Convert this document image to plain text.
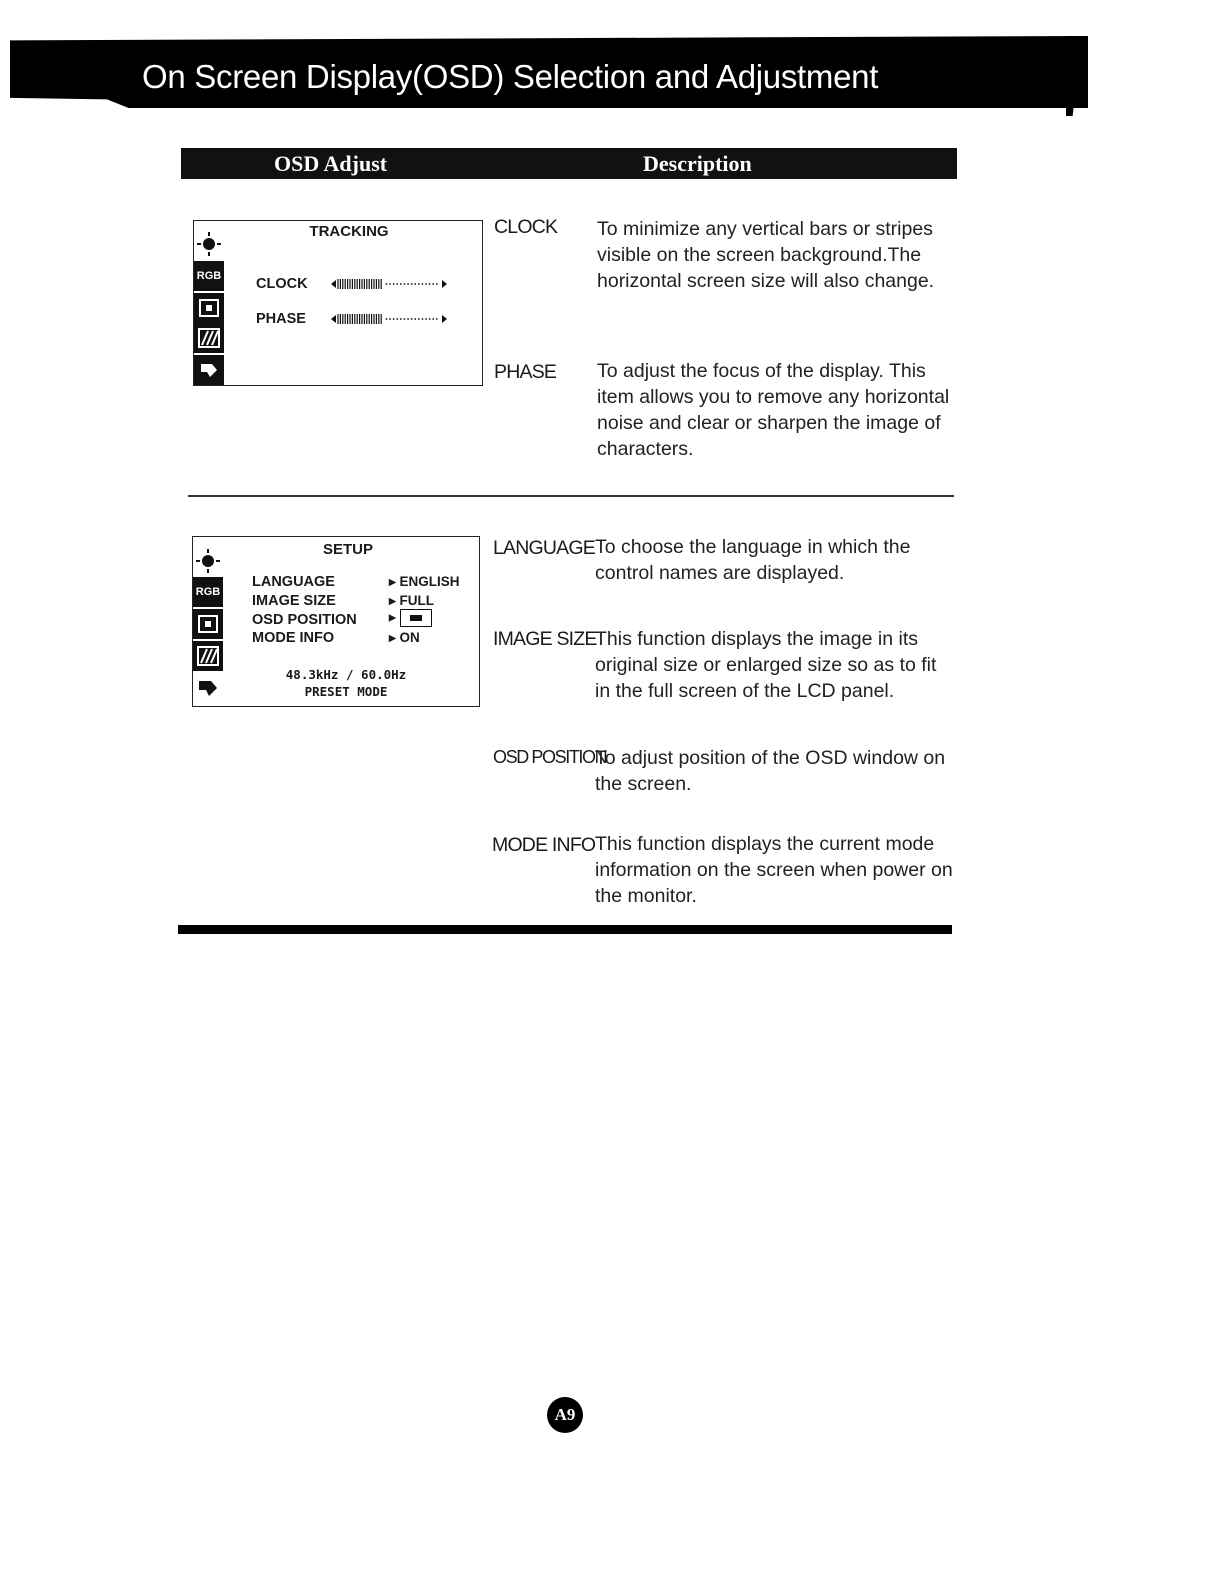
On Screen Display(OSD) Selection and Adjustment
OSD Adjust	Description
RGB
TRACKING
CLOCK
PHASE
CLOCK To minimize any vertical bars or stripes visible on the screen background.The horizontal screen size will also change.
PHASE To adjust the focus of the display. This item allows you to remove any horizontal noise and clear or sharpen the image of characters.
RGB
SETUP
LANGUAGE	▸ ENGLISH
IMAGE SIZE	▸ FULL
OSD POSITION ▸
MODE INFO	▸ ON
48.3kHz / 60.0Hz
PRESET MODE
LANGUAGE To choose the language in which the control names are displayed.
IMAGE SIZE
This function displays the image in its original size or enlarged size so as to fit in the full screen of the LCD panel.
OSD POSITION
To adjust position of the OSD window on the screen.
MODE INFO This function displays the current mode information on the screen when power on the monitor.
A9
